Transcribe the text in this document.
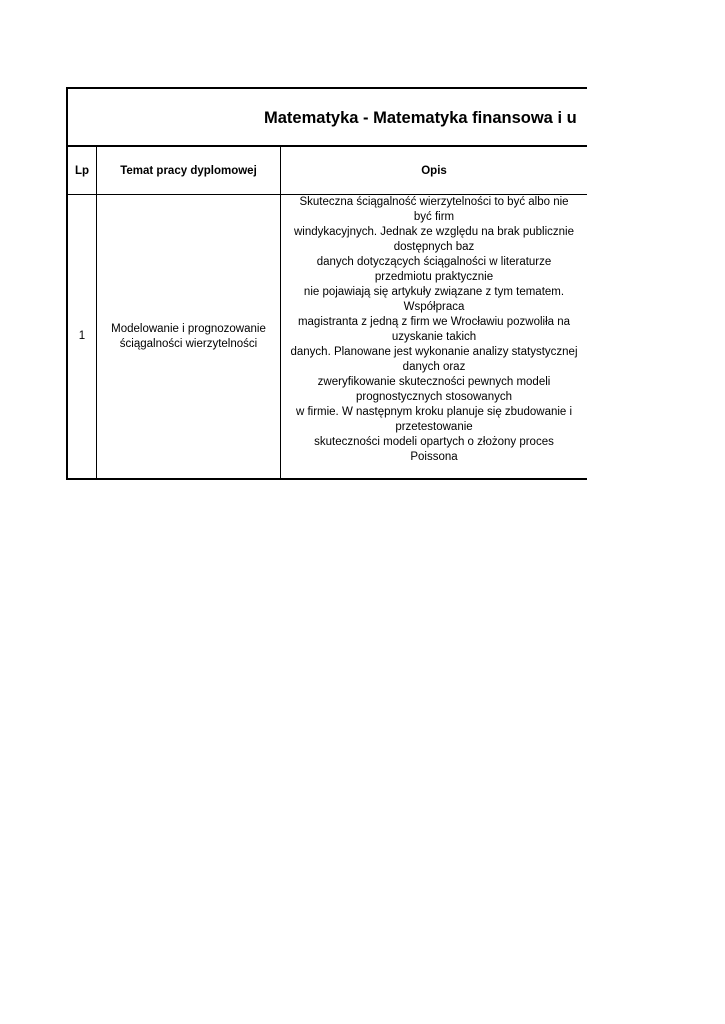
Matematyka - Matematyka finansowa i u
Lp	Temat pracy dyplomowej	Opis
1
Modelowanie i prognozowanie ściągalności wierzytelności
Skuteczna ściągalność wierzytelności to być albo nie
być firm
windykacyjnych. Jednak ze względu na brak publicznie
dostępnych baz
danych dotyczących ściągalności w literaturze
przedmiotu praktycznie
nie pojawiają się artykuły związane z tym tematem.
Współpraca
magistranta z jedną z firm we Wrocławiu pozwoliła na
uzyskanie takich
danych. Planowane jest wykonanie analizy statystycznej
danych oraz
zweryfikowanie skuteczności pewnych modeli
prognostycznych stosowanych
w firmie. W następnym kroku planuje się zbudowanie i
przetestowanie
skuteczności modeli opartych o złożony proces
Poissona
